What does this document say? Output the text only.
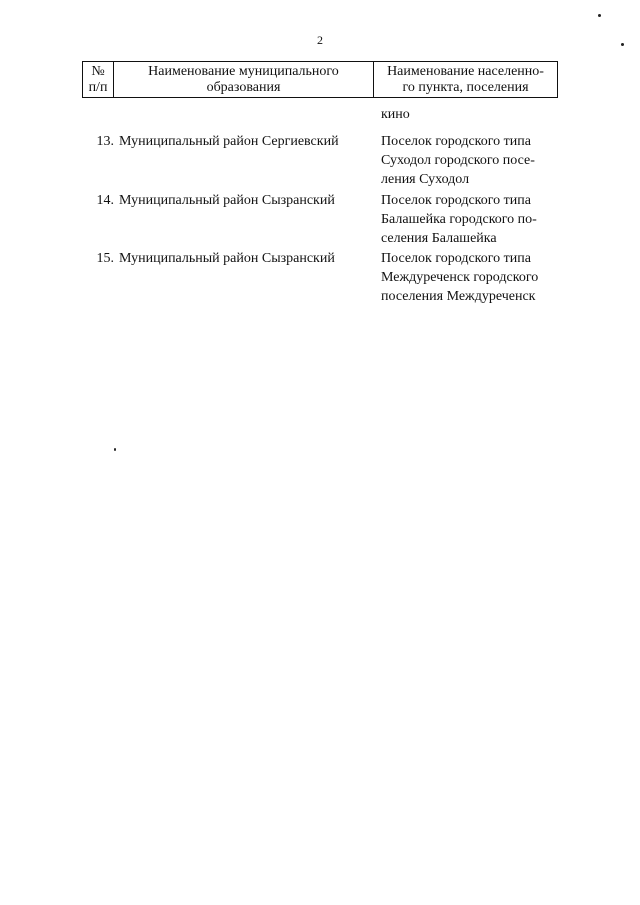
2
№
п/п

Наименование муниципального
образования

Наименование населенно-
го пункта, поселения
кино
13. Муниципальный район Сергиевский	Поселок городского типа
Суходол городского посе-
ления Суходол
14. Муниципальный район Сызранский	Поселок городского типа
Балашейка городского по-
селения Балашейка
15. Муниципальный район Сызранский	Поселок городского типа
Междуреченск городского
поселения Междуреченск
